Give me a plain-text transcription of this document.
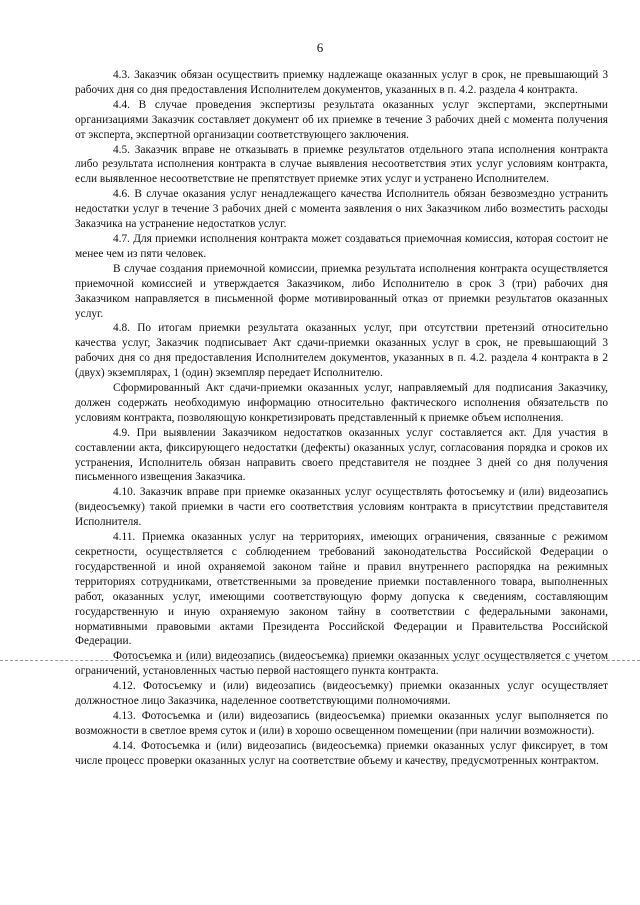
6

4.3. Заказчик обязан осуществить приемку надлежаще оказанных услуг в срок, не превышающий 3 рабочих дня со дня предоставления Исполнителем документов, указанных в п. 4.2. раздела 4 контракта.

4.4. В случае проведения экспертизы результата оказанных услуг экспертами, экспертными организациями Заказчик составляет документ об их приемке в течение 3 рабочих дней с момента получения от эксперта, экспертной организации соответствующего заключения.

4.5. Заказчик вправе не отказывать в приемке результатов отдельного этапа исполнения контракта либо результата исполнения контракта в случае выявления несоответствия этих услуг условиям контракта, если выявленное несоответствие не препятствует приемке этих услуг и устранено Исполнителем.

4.6. В случае оказания услуг ненадлежащего качества Исполнитель обязан безвозмездно устранить недостатки услуг в течение 3 рабочих дней с момента заявления о них Заказчиком либо возместить расходы Заказчика на устранение недостатков услуг.

4.7. Для приемки исполнения контракта может создаваться приемочная комиссия, которая состоит не менее чем из пяти человек.

В случае создания приемочной комиссии, приемка результата исполнения контракта осуществляется приемочной комиссией и утверждается Заказчиком, либо Исполнителю в срок 3 (три) рабочих дня Заказчиком направляется в письменной форме мотивированный отказ от приемки результатов оказанных услуг.

4.8. По итогам приемки результата оказанных услуг, при отсутствии претензий относительно качества услуг, Заказчик подписывает Акт сдачи-приемки оказанных услуг в срок, не превышающий 3 рабочих дня со дня предоставления Исполнителем документов, указанных в п. 4.2. раздела 4 контракта в 2 (двух) экземплярах, 1 (один) экземпляр передает Исполнителю.

Сформированный Акт сдачи-приемки оказанных услуг, направляемый для подписания Заказчику, должен содержать необходимую информацию относительно фактического исполнения обязательств по условиям контракта, позволяющую конкретизировать представленный к приемке объем исполнения.

4.9. При выявлении Заказчиком недостатков оказанных услуг составляется акт. Для участия в составлении акта, фиксирующего недостатки (дефекты) оказанных услуг, согласования порядка и сроков их устранения, Исполнитель обязан направить своего представителя не позднее 3 дней со дня получения письменного извещения Заказчика.

4.10. Заказчик вправе при приемке оказанных услуг осуществлять фотосъемку и (или) видеозапись (видеосъемку) такой приемки в части его соответствия условиям контракта в присутствии представителя Исполнителя.

4.11. Приемка оказанных услуг на территориях, имеющих ограничения, связанные с режимом секретности, осуществляется с соблюдением требований законодательства Российской Федерации о государственной и иной охраняемой законом тайне и правил внутреннего распорядка на режимных территориях сотрудниками, ответственными за проведение приемки поставленного товара, выполненных работ, оказанных услуг, имеющими соответствующую форму допуска к сведениям, составляющим государственную и иную охраняемую законом тайну в соответствии с федеральными законами, нормативными правовыми актами Президента Российской Федерации и Правительства Российской Федерации.

Фотосъемка и (или) видеозапись (видеосъемка) приемки оказанных услуг осуществляется с учетом ограничений, установленных частью первой настоящего пункта контракта.

4.12. Фотосъемку и (или) видеозапись (видеосъемку) приемки оказанных услуг осуществляет должностное лицо Заказчика, наделенное соответствующими полномочиями.

4.13. Фотосъемка и (или) видеозапись (видеосъемка) приемки оказанных услуг выполняется по возможности в светлое время суток и (или) в хорошо освещенном помещении (при наличии возможности).

4.14. Фотосъемка и (или) видеозапись (видеосъемка) приемки оказанных услуг фиксирует, в том числе процесс проверки оказанных услуг на соответствие объему и качеству, предусмотренных контрактом.
